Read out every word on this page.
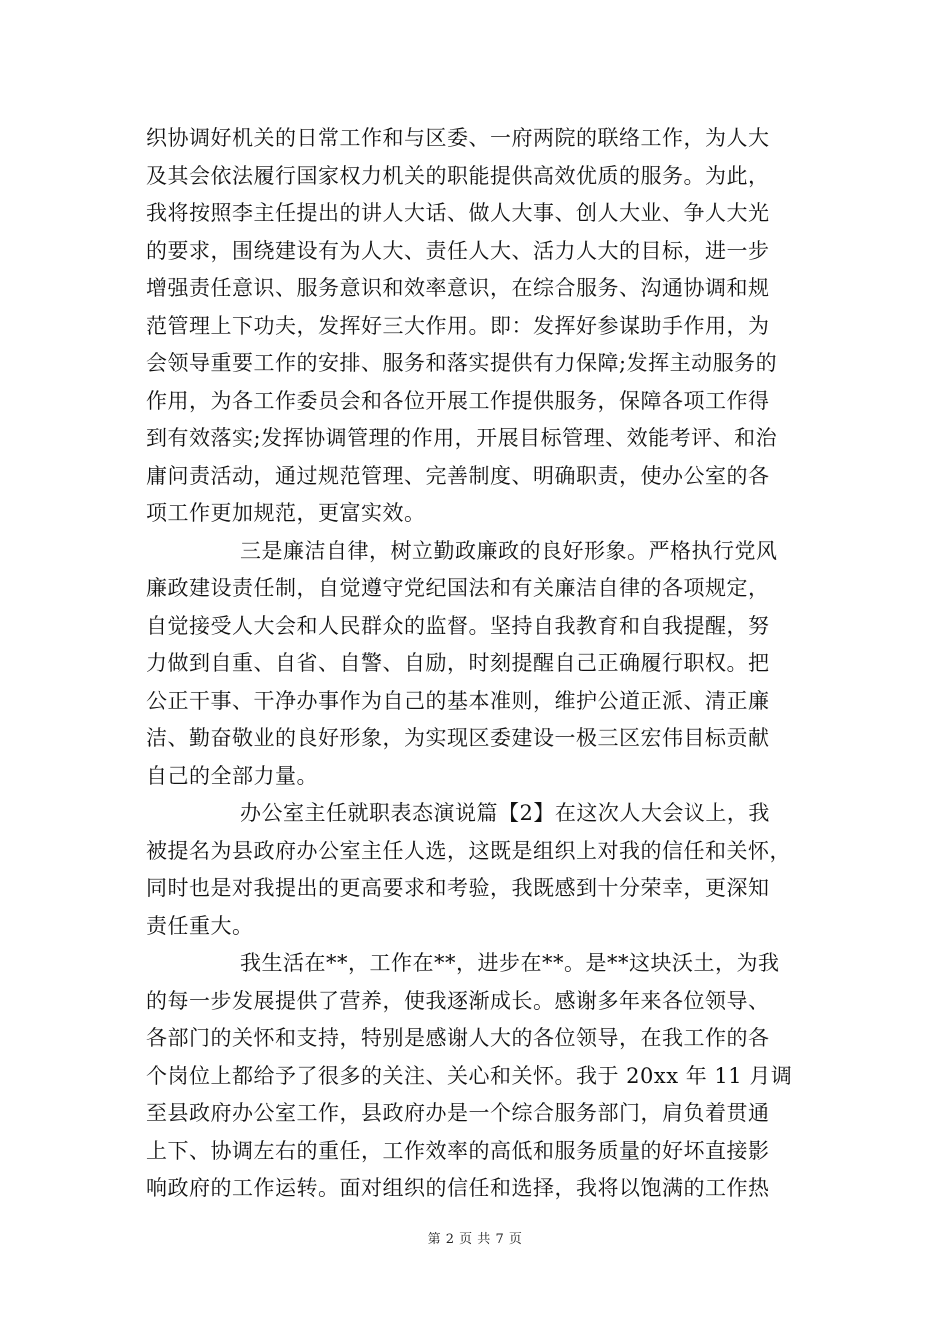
织协调好机关的日常工作和与区委、一府两院的联络工作，为人大
及其会依法履行国家权力机关的职能提供高效优质的服务。为此，
我将按照李主任提出的讲人大话、做人大事、创人大业、争人大光
的要求，围绕建设有为人大、责任人大、活力人大的目标，进一步
增强责任意识、服务意识和效率意识，在综合服务、沟通协调和规
范管理上下功夫，发挥好三大作用。即：发挥好参谋助手作用，为
会领导重要工作的安排、服务和落实提供有力保障;发挥主动服务的
作用，为各工作委员会和各位开展工作提供服务，保障各项工作得
到有效落实;发挥协调管理的作用，开展目标管理、效能考评、和治
庸问责活动，通过规范管理、完善制度、明确职责，使办公室的各
项工作更加规范，更富实效。
三是廉洁自律，树立勤政廉政的良好形象。严格执行党风
廉政建设责任制，自觉遵守党纪国法和有关廉洁自律的各项规定，
自觉接受人大会和人民群众的监督。坚持自我教育和自我提醒，努
力做到自重、自省、自警、自励，时刻提醒自己正确履行职权。把
公正干事、干净办事作为自己的基本准则，维护公道正派、清正廉
洁、勤奋敬业的良好形象，为实现区委建设一极三区宏伟目标贡献
自己的全部力量。
办公室主任就职表态演说篇【2】在这次人大会议上，我
被提名为县政府办公室主任人选，这既是组织上对我的信任和关怀，
同时也是对我提出的更高要求和考验，我既感到十分荣幸，更深知
责任重大。
我生活在**，工作在**，进步在**。是**这块沃土，为我
的每一步发展提供了营养，使我逐渐成长。感谢多年来各位领导、
各部门的关怀和支持，特别是感谢人大的各位领导，在我工作的各
个岗位上都给予了很多的关注、关心和关怀。我于 20xx 年 11 月调
至县政府办公室工作，县政府办是一个综合服务部门，肩负着贯通
上下、协调左右的重任，工作效率的高低和服务质量的好坏直接影
响政府的工作运转。面对组织的信任和选择，我将以饱满的工作热
第 2 页 共 7 页
